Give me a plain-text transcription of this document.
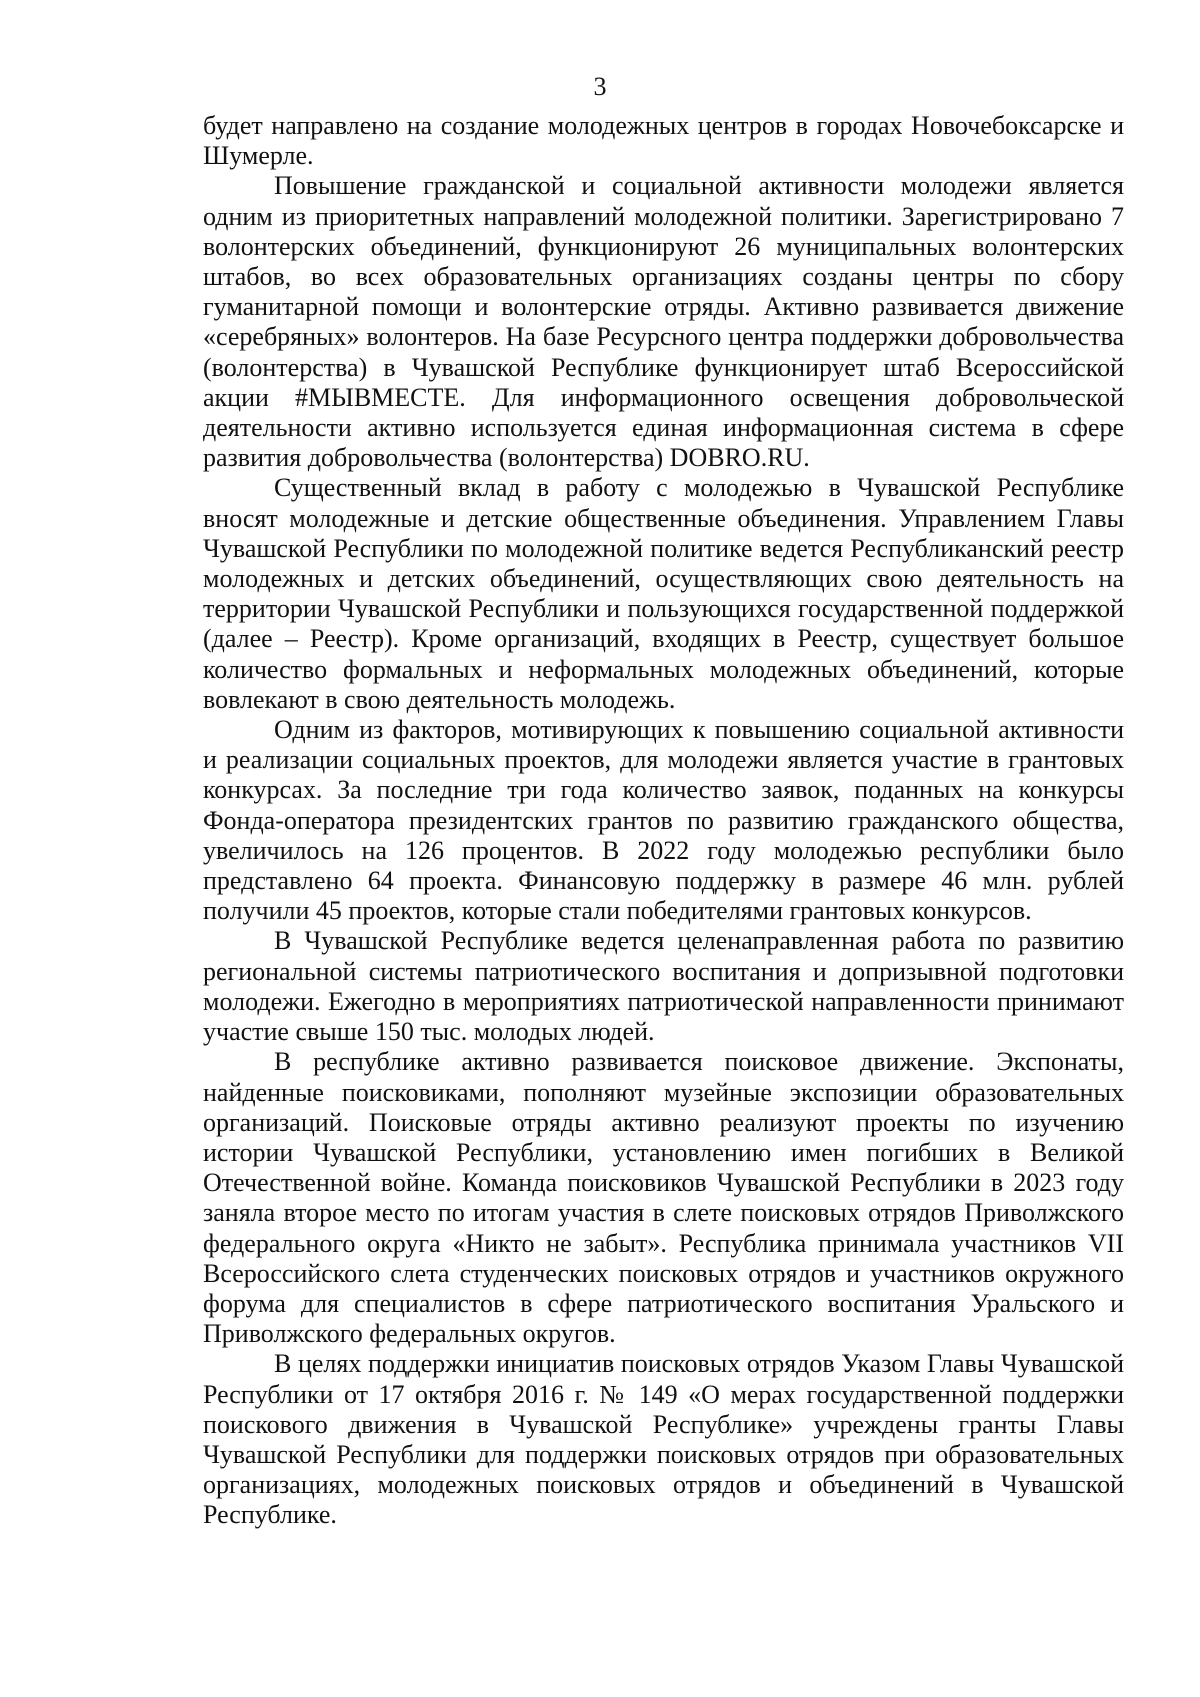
3

будет направлено на создание молодежных центров в городах Новочебоксарске и Шумерле.

Повышение гражданской и социальной активности молодежи является одним из приоритетных направлений молодежной политики. Зарегистрировано 7 волонтерских объединений, функционируют 26 муниципальных волонтерских штабов, во всех образовательных организациях созданы центры по сбору гуманитарной помощи и волонтерские отряды. Активно развивается движение «серебряных» волонтеров. На базе Ресурсного центра поддержки добровольчества (волонтерства) в Чувашской Республике функционирует штаб Всероссийской акции #МЫВМЕСТЕ. Для информационного освещения добровольческой деятельности активно используется единая информационная система в сфере развития добровольчества (волонтерства) DOBRO.RU.

Существенный вклад в работу с молодежью в Чувашской Республике вносят молодежные и детские общественные объединения. Управлением Главы Чувашской Республики по молодежной политике ведется Республиканский реестр молодежных и детских объединений, осуществляющих свою деятельность на территории Чувашской Республики и пользующихся государственной поддержкой (далее – Реестр). Кроме организаций, входящих в Реестр, существует большое количество формальных и неформальных молодежных объединений, которые вовлекают в свою деятельность молодежь.

Одним из факторов, мотивирующих к повышению социальной активности и реализации социальных проектов, для молодежи является участие в грантовых конкурсах. За последние три года количество заявок, поданных на конкурсы Фонда-оператора президентских грантов по развитию гражданского общества, увеличилось на 126 процентов. В 2022 году молодежью республики было представлено 64 проекта. Финансовую поддержку в размере 46 млн. рублей получили 45 проектов, которые стали победителями грантовых конкурсов.

В Чувашской Республике ведется целенаправленная работа по развитию региональной системы патриотического воспитания и допризывной подготовки молодежи. Ежегодно в мероприятиях патриотической направленности принимают участие свыше 150 тыс. молодых людей.

В республике активно развивается поисковое движение. Экспонаты, найденные поисковиками, пополняют музейные экспозиции образовательных организаций. Поисковые отряды активно реализуют проекты по изучению истории Чувашской Республики, установлению имен погибших в Великой Отечественной войне. Команда поисковиков Чувашской Республики в 2023 году заняла второе место по итогам участия в слете поисковых отрядов Приволжского федерального округа «Никто не забыт». Республика принимала участников VII Всероссийского слета студенческих поисковых отрядов и участников окружного форума для специалистов в сфере патриотического воспитания Уральского и Приволжского федеральных округов.

В целях поддержки инициатив поисковых отрядов Указом Главы Чувашской Республики от 17 октября 2016 г. № 149 «О мерах государственной поддержки поискового движения в Чувашской Республике» учреждены гранты Главы Чувашской Республики для поддержки поисковых отрядов при образовательных организациях, молодежных поисковых отрядов и объединений в Чувашской Республике.
